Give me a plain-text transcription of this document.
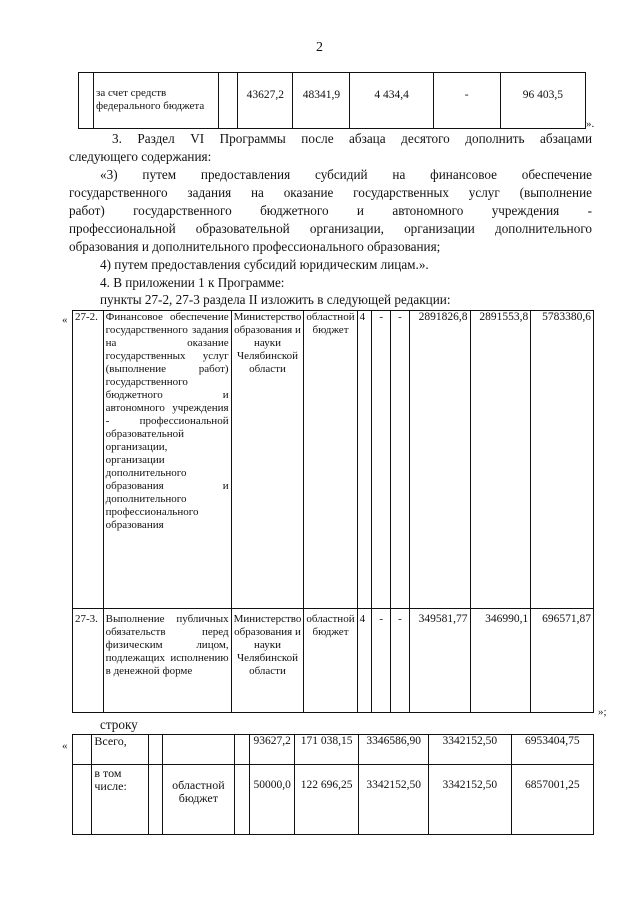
2
	за счет средств федерального бюджета		43627,2	48341,9	4 434,4	-	96 403,5
».

3. Раздел VI Программы после абзаца десятого дополнить абзацами

следующего содержания:

«3) путем предоставления субсидий на финансовое обеспечение

государственного задания на оказание государственных услуг (выполнение

работ) государственного бюджетного и автономного учреждения -

профессиональной образовательной организации, организации дополнительного

образования и дополнительного профессионального образования;

4) путем предоставления субсидий юридическим лицам.».

4. В приложении 1 к Программе:

пункты 27-2, 27-3 раздела II изложить в следующей редакции:

« 27-2.	Финансовое обеспечение государственного задания на оказание государственных услуг (выполнение работ) государственного бюджетного и автономного учреждения - профессиональной образовательной организации, организации дополнительного образования и дополнительного профессионального образования	Министерство образования и науки Челябинской области	областной бюджет	4	-	-	2891826,8	2891553,8	5783380,6
27-3.	Выполнение публичных обязательств перед физическим лицом, подлежащих исполнению в денежной форме	Министерство образования и науки Челябинской области	областной бюджет	4	-	-	349581,77	346990,1	696571,87
»;

строку

«
	Всего,				93627,2	171 038,15	3346586,90	3342152,50	6953404,75
	в том числе:		областной бюджет		50000,0	122 696,25	3342152,50	3342152,50	6857001,25
